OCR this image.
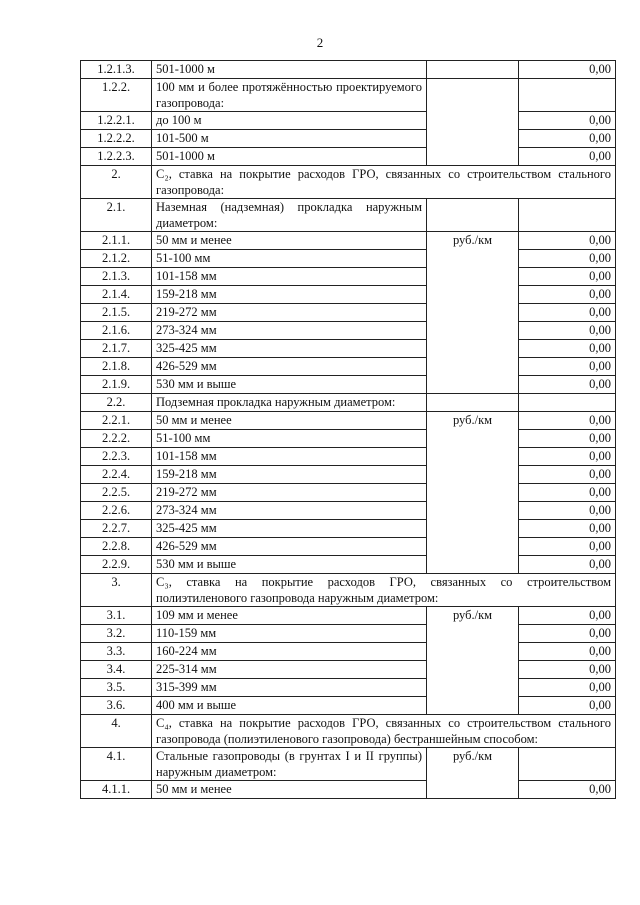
2
1.2.1.3.	501-1000 м		0,00
1.2.2.	100 мм и более протяжённостью проектируемого газопровода:		
1.2.2.1.	до 100 м		0,00
1.2.2.2.	101-500 м		0,00
1.2.2.3.	501-1000 м		0,00
2.	C₂, ставка на покрытие расходов ГРО, связанных со строительством стального газопровода:		
2.1.	Наземная (надземная) прокладка наружным диаметром:		
2.1.1.	50 мм и менее	руб./км	0,00
2.1.2.	51-100 мм		0,00
2.1.3.	101-158 мм		0,00
2.1.4.	159-218 мм		0,00
2.1.5.	219-272 мм		0,00
2.1.6.	273-324 мм		0,00
2.1.7.	325-425 мм		0,00
2.1.8.	426-529 мм		0,00
2.1.9.	530 мм и выше		0,00
2.2.	Подземная прокладка наружным диаметром:		
2.2.1.	50 мм и менее	руб./км	0,00
2.2.2.	51-100 мм		0,00
2.2.3.	101-158 мм		0,00
2.2.4.	159-218 мм		0,00
2.2.5.	219-272 мм		0,00
2.2.6.	273-324 мм		0,00
2.2.7.	325-425 мм		0,00
2.2.8.	426-529 мм		0,00
2.2.9.	530 мм и выше		0,00
3.	C₃, ставка на покрытие расходов ГРО, связанных со строительством полиэтиленового газопровода наружным диаметром:		
3.1.	109 мм и менее	руб./км	0,00
3.2.	110-159 мм		0,00
3.3.	160-224 мм		0,00
3.4.	225-314 мм		0,00
3.5.	315-399 мм		0,00
3.6.	400 мм и выше		0,00
4.	C₄, ставка на покрытие расходов ГРО, связанных со строительством стального газопровода (полиэтиленового газопровода) бестраншейным способом:		
4.1.	Стальные газопроводы (в грунтах I и II группы) наружным диаметром:	руб./км	
4.1.1.	50 мм и менее		0,00
